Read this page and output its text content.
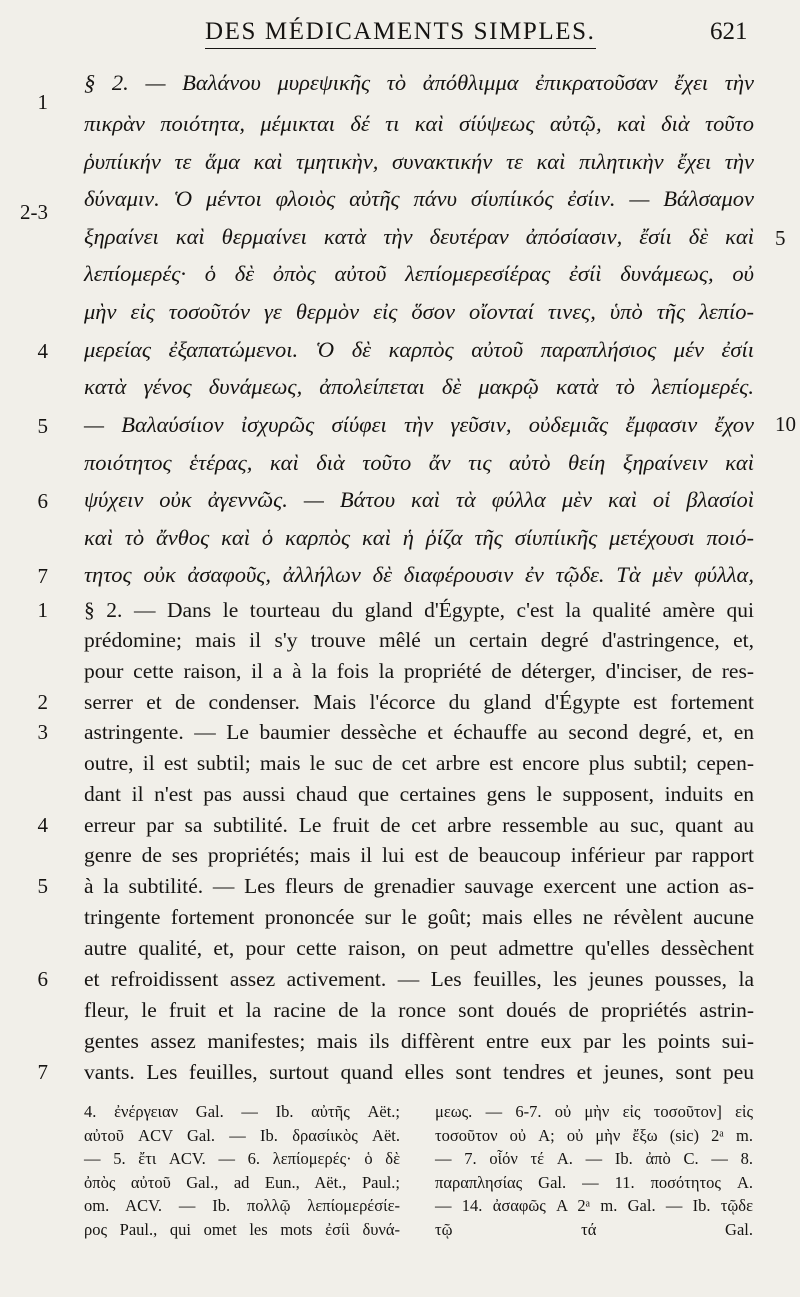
DES MÉDICAMENTS SIMPLES.	621
§ 2. — Βαλάνου μυρεψικῆς τὸ ἀπόθλιμμα ἐπικρατοῦσαν ἔχει τὴν
πικρὰν ποιότητα, μέμικται δέ τι καὶ σίύψεως αὐτῷ, καὶ διὰ τοῦτο
ῥυπίικήν τε ἅμα καὶ τμητικὴν, συνακτικήν τε καὶ πιλητικὴν ἔχει τὴν
δύναμιν. Ὁ μέντοι φλοιὸς αὐτῆς πάνυ σίυπίικός ἐσίιν. — Βάλσαμον
ξηραίνει καὶ θερμαίνει κατὰ τὴν δευτέραν ἀπόσίασιν, ἔσίι δὲ καὶ
λεπίομερές· ὁ δὲ ὀπὸς αὐτοῦ λεπίομερεσίέρας ἐσίὶ δυνάμεως, οὐ
μὴν εἰς τοσοῦτόν γε θερμὸν εἰς ὅσον οἴονταί τινες, ὑπὸ τῆς λεπίο-
μερείας ἐξαπατώμενοι. Ὁ δὲ καρπὸς αὐτοῦ παραπλήσιος μέν ἐσίι
κατὰ γένος δυνάμεως, ἀπολείπεται δὲ μακρῷ κατὰ τὸ λεπίομερές.
— Βαλαύσίιον ἰσχυρῶς σίύφει τὴν γεῦσιν, οὐδεμιᾶς ἔμφασιν ἔχον
ποιότητος ἑτέρας, καὶ διὰ τοῦτο ἄν τις αὐτὸ θείη ξηραίνειν καὶ
ψύχειν οὐκ ἀγεννῶς. — Βάτου καὶ τὰ φύλλα μὲν καὶ οἱ βλασίοὶ
καὶ τὸ ἄνθος καὶ ὁ καρπὸς καὶ ἡ ῥίζα τῆς σίυπίικῆς μετέχουσι ποιό-
τητος οὐκ ἀσαφοῦς, ἀλλήλων δὲ διαφέρουσιν ἐν τῷδε. Τὰ μὲν φύλλα,
1
2-3
4
5
6
7
5
10
§ 2. — Dans le tourteau du gland d'Égypte, c'est la qualité amère qui
prédomine; mais il s'y trouve mêlé un certain degré d'astringence, et,
pour cette raison, il a à la fois la propriété de déterger, d'inciser, de res-
serrer et de condenser. Mais l'écorce du gland d'Égypte est fortement
astringente. — Le baumier dessèche et échauffe au second degré, et, en
outre, il est subtil; mais le suc de cet arbre est encore plus subtil; cepen-
dant il n'est pas aussi chaud que certaines gens le supposent, induits en
erreur par sa subtilité. Le fruit de cet arbre ressemble au suc, quant au
genre de ses propriétés; mais il lui est de beaucoup inférieur par rapport
à la subtilité. — Les fleurs de grenadier sauvage exercent une action as-
tringente fortement prononcée sur le goût; mais elles ne révèlent aucune
autre qualité, et, pour cette raison, on peut admettre qu'elles dessèchent
et refroidissent assez activement. — Les feuilles, les jeunes pousses, la
fleur, le fruit et la racine de la ronce sont doués de propriétés astrin-
gentes assez manifestes; mais ils diffèrent entre eux par les points sui-
vants. Les feuilles, surtout quand elles sont tendres et jeunes, sont peu
1
2
3
4
5
6
7
4. ἐνέργειαν Gal. — Ib. αὐτῆς Aët.;
αὐτοῦ ACV Gal. — Ib. δρασίικὸς Aët.
— 5. ἔτι ACV. — 6. λεπίομερές· ὁ δὲ
ὀπὸς αὐτοῦ Gal., ad Eun., Aët., Paul.;
om. ACV. — Ib. πολλῷ λεπίομερέσίε-
ρος Paul., qui omet les mots ἐσίὶ δυνά-
μεως. — 6-7. οὐ μὴν εἰς τοσοῦτον] εἰς
τοσοῦτον οὐ A; οὐ μὴν ἔξω (sic) 2ᵃ m.
— 7. οἷόν τέ A. — Ib. ἀπὸ C. — 8.
παραπλησίας Gal. — 11. ποσότητος A.
— 14. ἀσαφῶς A 2ᵃ m. Gal. — Ib. τῷδε
τῷ τά Gal.
